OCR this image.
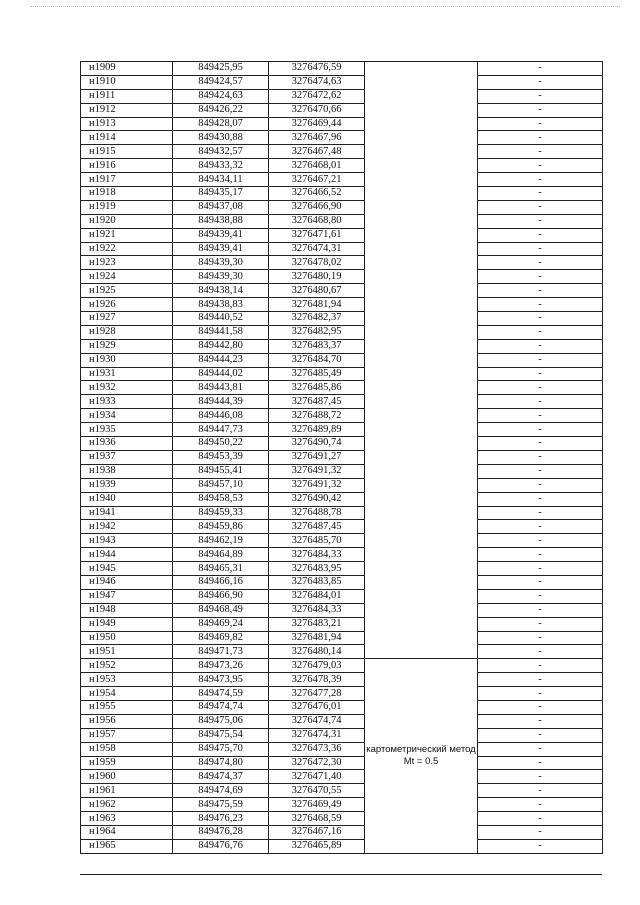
н1909	849425,95	3276476,59		-
н1910	849424,57	3276474,63		-
н1911	849424,63	3276472,62		-
н1912	849426,22	3276470,66		-
н1913	849428,07	3276469,44		-
н1914	849430,88	3276467,96		-
н1915	849432,57	3276467,48		-
н1916	849433,32	3276468,01		-
н1917	849434,11	3276467,21		-
н1918	849435,17	3276466,52		-
н1919	849437,08	3276466,90		-
н1920	849438,88	3276468,80		-
н1921	849439,41	3276471,61		-
н1922	849439,41	3276474,31		-
н1923	849439,30	3276478,02		-
н1924	849439,30	3276480,19		-
н1925	849438,14	3276480,67		-
н1926	849438,83	3276481,94		-
н1927	849440,52	3276482,37		-
н1928	849441,58	3276482,95		-
н1929	849442,80	3276483,37		-
н1930	849444,23	3276484,70		-
н1931	849444,02	3276485,49		-
н1932	849443,81	3276485,86		-
н1933	849444,39	3276487,45		-
н1934	849446,08	3276488,72		-
н1935	849447,73	3276489,89		-
н1936	849450,22	3276490,74		-
н1937	849453,39	3276491,27		-
н1938	849455,41	3276491,32		-
н1939	849457,10	3276491,32		-
н1940	849458,53	3276490,42		-
н1941	849459,33	3276488,78		-
н1942	849459,86	3276487,45		-
н1943	849462,19	3276485,70		-
н1944	849464,89	3276484,33		-
н1945	849465,31	3276483,95		-
н1946	849466,16	3276483,85		-
н1947	849466,90	3276484,01		-
н1948	849468,49	3276484,33		-
н1949	849469,24	3276483,21		-
н1950	849469,82	3276481,94		-
н1951	849471,73	3276480,14		-
н1952	849473,26	3276479,03		-
н1953	849473,95	3276478,39		-
н1954	849474,59	3276477,28		-
н1955	849474,74	3276476,01		-
н1956	849475,06	3276474,74		-
н1957	849475,54	3276474,31		-
н1958	849475,70	3276473,36	картометрический метод Mt = 0.5	-
н1959	849474,80	3276472,30		-
н1960	849474,37	3276471,40		-
н1961	849474,69	3276470,55		-
н1962	849475,59	3276469,49		-
н1963	849476,23	3276468,59		-
н1964	849476,28	3276467,16		-
н1965	849476,76	3276465,89		-
